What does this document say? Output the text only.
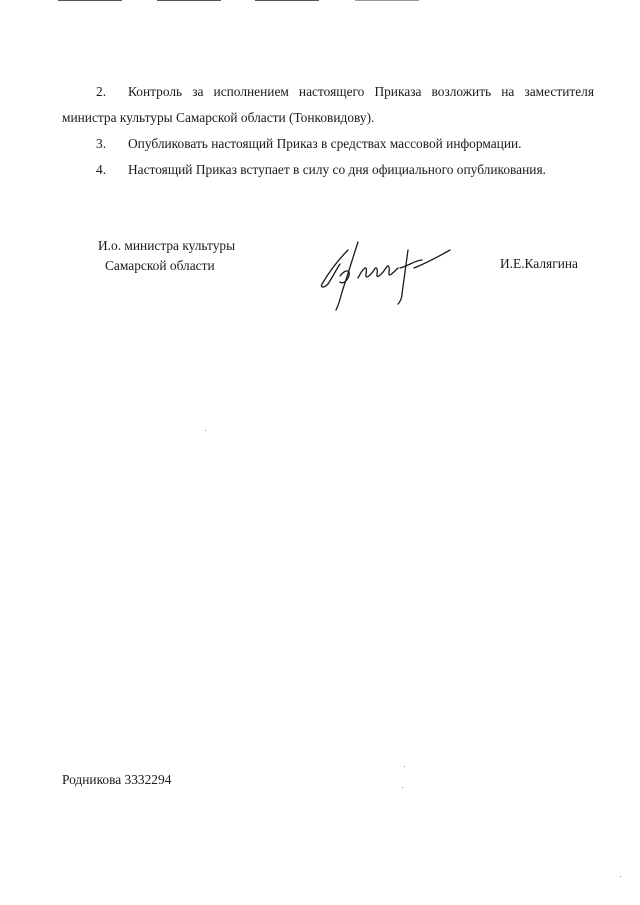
2. Контроль за исполнением настоящего Приказа возложить на заместителя министра культуры Самарской области (Тонковидову).

3. Опубликовать настоящий Приказ в средствах массовой информации.

4. Настоящий Приказ вступает в силу со дня официального опубликования.

И.о. министра культуры
Самарской области	И.Е.Калягина
Родникова 3332294
